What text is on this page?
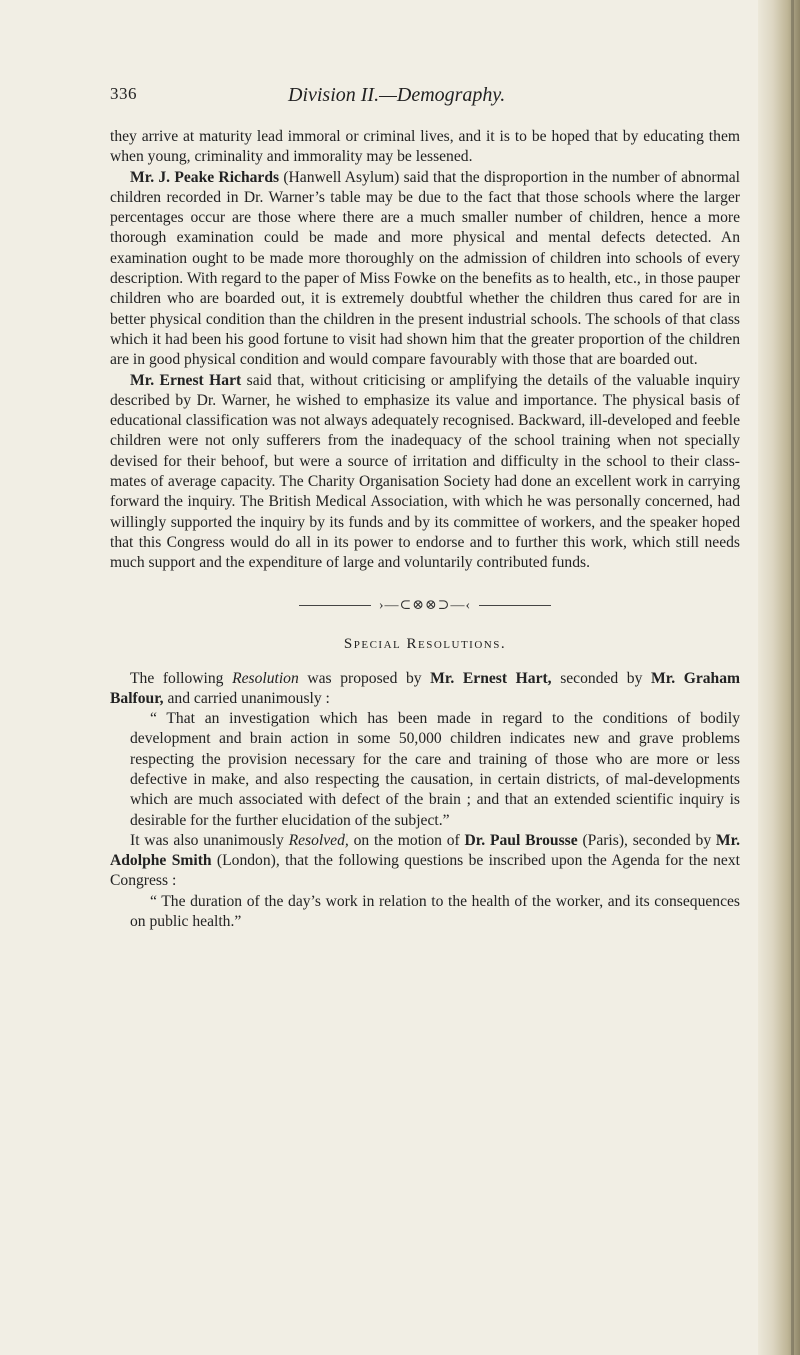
336	Division II.—Demography.

they arrive at maturity lead immoral or criminal lives, and it is to be hoped that by educating them when young, criminality and immorality may be lessened.

Mr. J. Peake Richards (Hanwell Asylum) said that the disproportion in the number of abnormal children recorded in Dr. Warner’s table may be due to the fact that those schools where the larger percentages occur are those where there are a much smaller number of children, hence a more thorough examination could be made and more physical and mental defects detected. An examination ought to be made more thoroughly on the admission of children into schools of every description. With regard to the paper of Miss Fowke on the benefits as to health, etc., in those pauper children who are boarded out, it is extremely doubtful whether the children thus cared for are in better physical condition than the children in the present industrial schools. The schools of that class which it had been his good fortune to visit had shown him that the greater proportion of the children are in good physical condition and would compare favourably with those that are boarded out.

Mr. Ernest Hart said that, without criticising or amplifying the details of the valuable inquiry described by Dr. Warner, he wished to emphasize its value and importance. The physical basis of educational classification was not always adequately recognised. Backward, ill-developed and feeble children were not only sufferers from the inadequacy of the school training when not specially devised for their behoof, but were a source of irritation and difficulty in the school to their class-mates of average capacity. The Charity Organisation Society had done an excellent work in carrying forward the inquiry. The British Medical Association, with which he was personally concerned, had willingly supported the inquiry by its funds and by its committee of workers, and the speaker hoped that this Congress would do all in its power to endorse and to further this work, which still needs much support and the expenditure of large and voluntarily contributed funds.

›—⊂⊗⊗⊃—‹
Special Resolutions.

The following Resolution was proposed by Mr. Ernest Hart, seconded by Mr. Graham Balfour, and carried unanimously :

“ That an investigation which has been made in regard to the conditions of bodily development and brain action in some 50,000 children indicates new and grave problems respecting the provision necessary for the care and training of those who are more or less defective in make, and also respecting the causation, in certain districts, of mal-developments which are much associated with defect of the brain ; and that an extended scientific inquiry is desirable for the further elucidation of the subject.”

It was also unanimously Resolved, on the motion of Dr. Paul Brousse (Paris), seconded by Mr. Adolphe Smith (London), that the following questions be inscribed upon the Agenda for the next Congress :

“ The duration of the day’s work in relation to the health of the worker, and its consequences on public health.”
